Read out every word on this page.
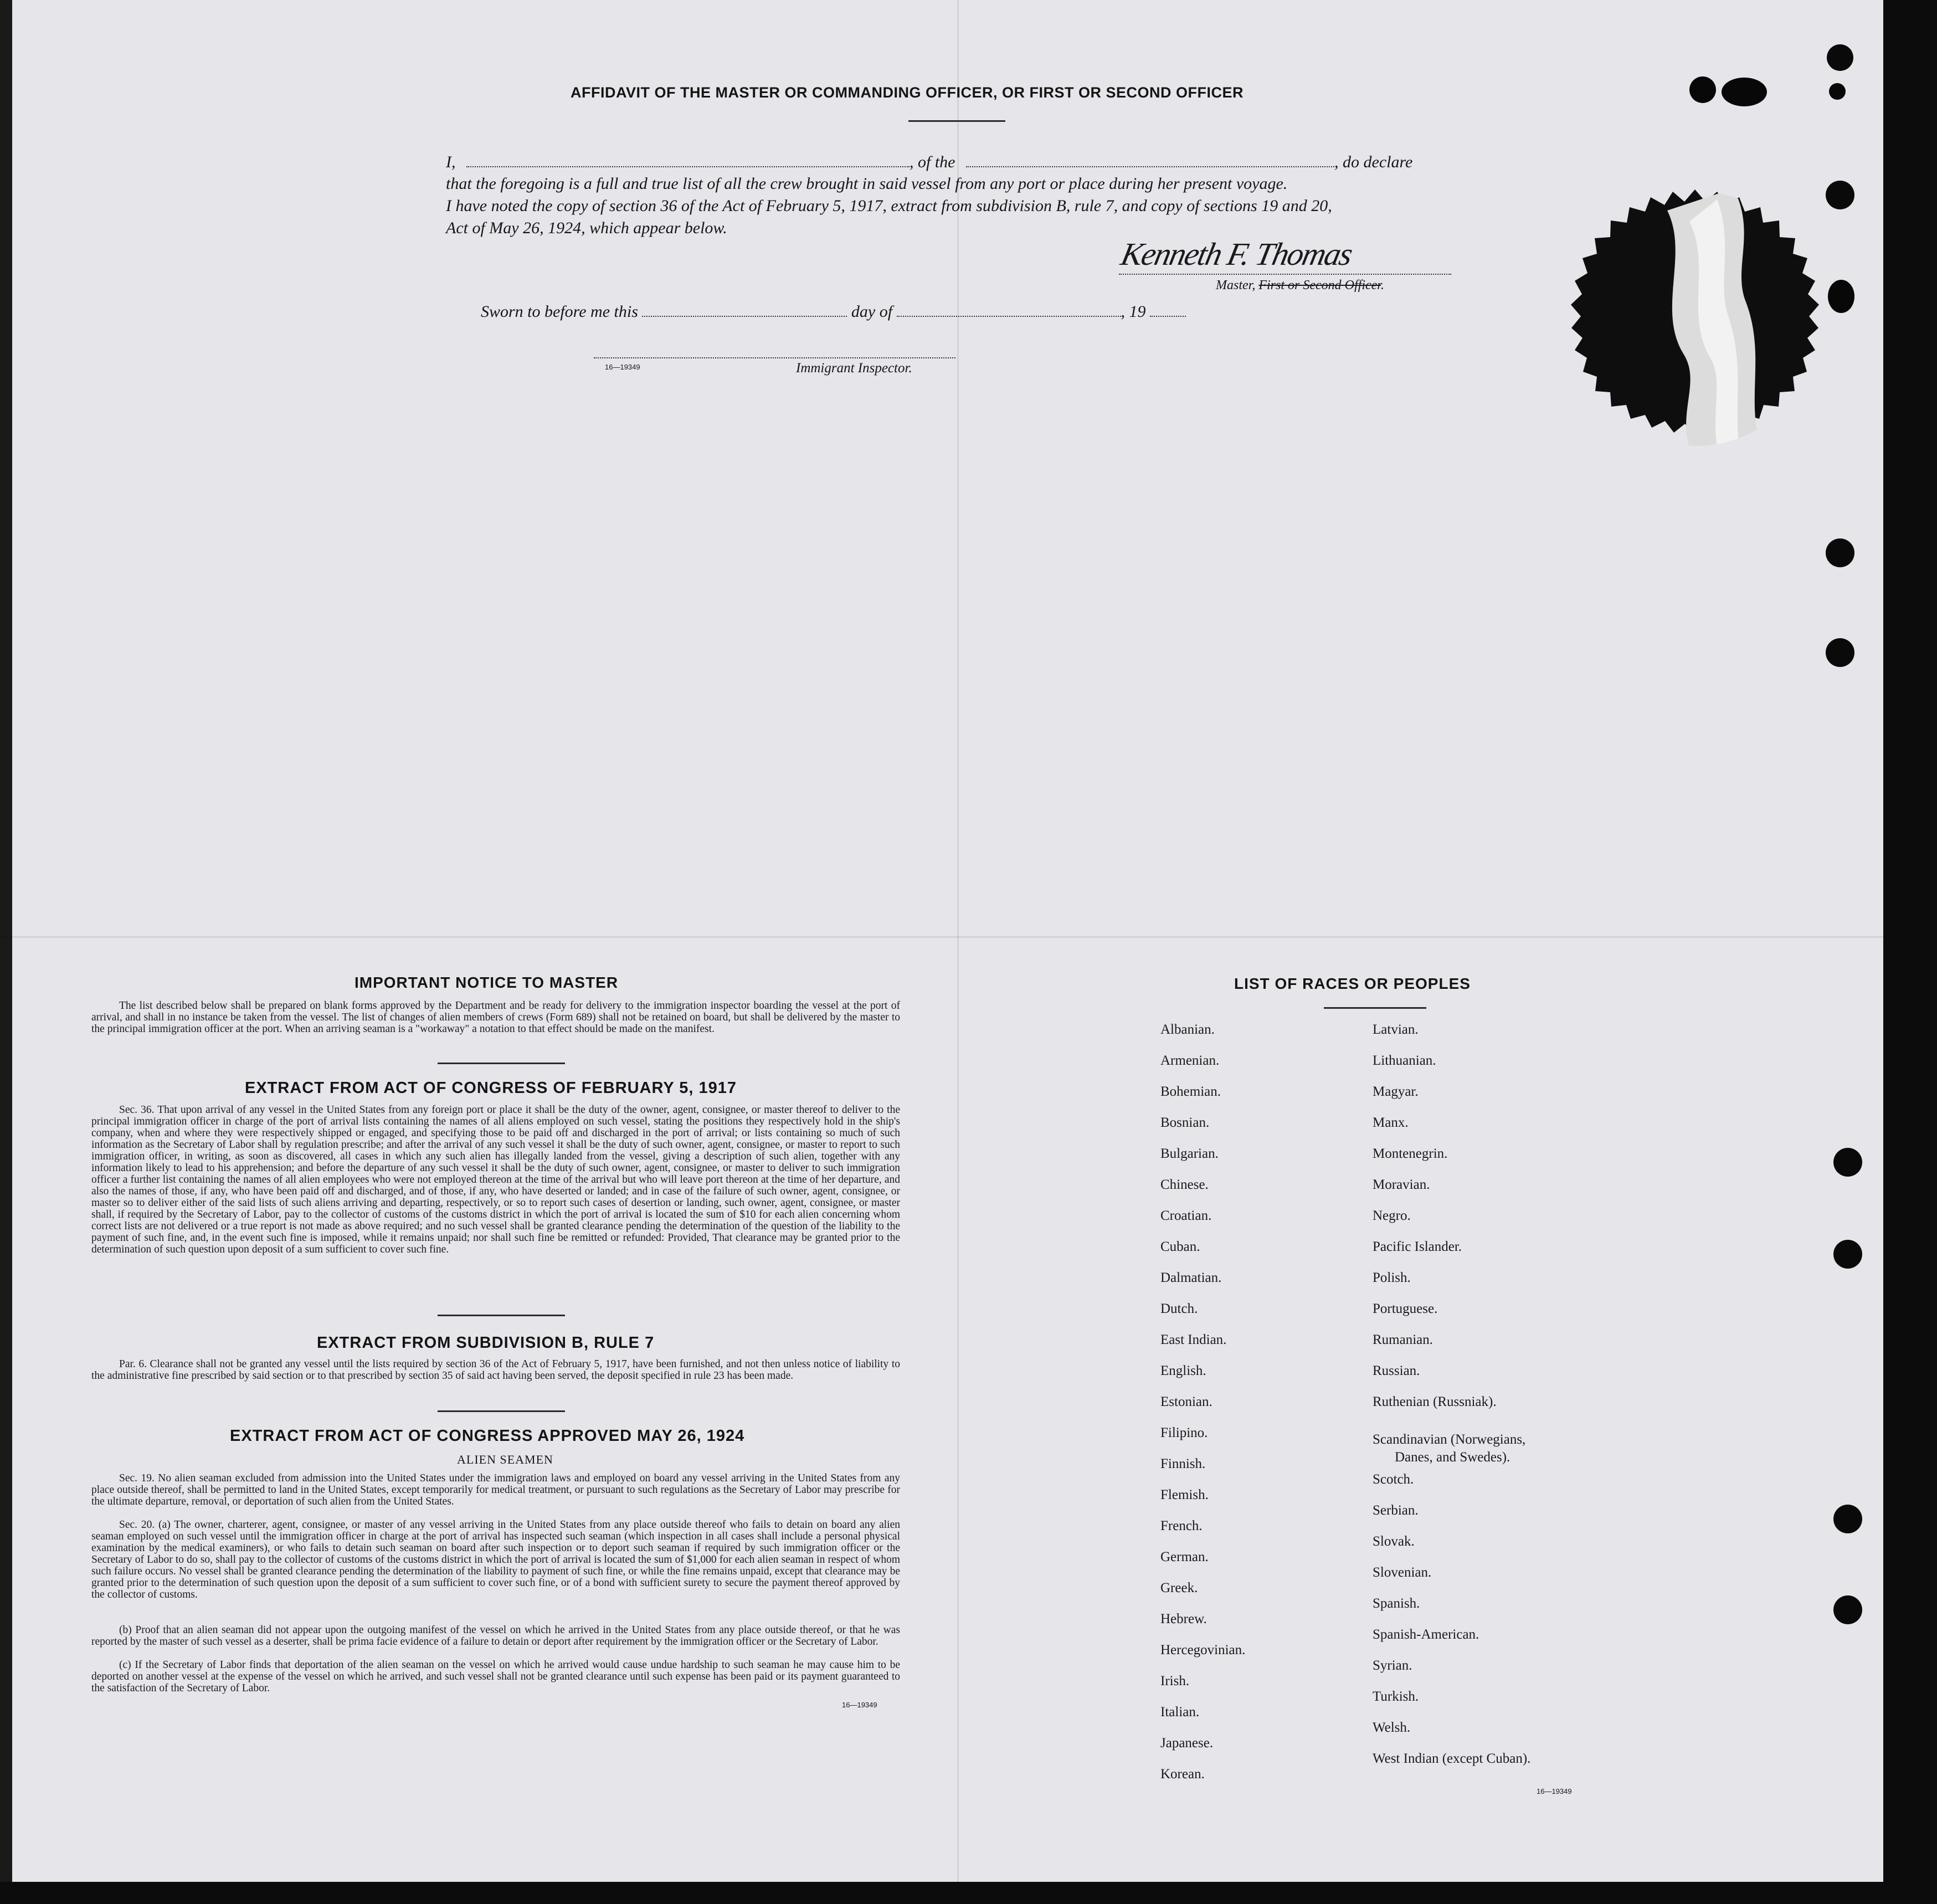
AFFIDAVIT OF THE MASTER OR COMMANDING OFFICER, OR FIRST OR SECOND OFFICER
I,	, of the	, do declare
that the foregoing is a full and true list of all the crew brought in said vessel from any port or place during her present voyage.
I have noted the copy of section 36 of the Act of February 5, 1917, extract from subdivision B, rule 7, and copy of sections 19 and 20,
Act of May 26, 1924, which appear below.
Kenneth F. Thomas
Master, First or Second Officer.
Sworn to before me this	day of	, 19
16—19349	Immigrant Inspector.
IMPORTANT NOTICE TO MASTER

The list described below shall be prepared on blank forms approved by the Department and be ready for delivery to the immigration inspector boarding the vessel at the port of arrival, and shall in no instance be taken from the vessel. The list of changes of alien members of crews (Form 689) shall not be retained on board, but shall be delivered by the master to the principal immigration officer at the port. When an arriving seaman is a "workaway" a notation to that effect should be made on the manifest.

EXTRACT FROM ACT OF CONGRESS OF FEBRUARY 5, 1917

Sec. 36. That upon arrival of any vessel in the United States from any foreign port or place it shall be the duty of the owner, agent, consignee, or master thereof to deliver to the principal immigration officer in charge of the port of arrival lists containing the names of all aliens employed on such vessel, stating the positions they respectively hold in the ship's company, when and where they were respectively shipped or engaged, and specifying those to be paid off and discharged in the port of arrival; or lists containing so much of such information as the Secretary of Labor shall by regulation prescribe; and after the arrival of any such vessel it shall be the duty of such owner, agent, consignee, or master to report to such immigration officer, in writing, as soon as discovered, all cases in which any such alien has illegally landed from the vessel, giving a description of such alien, together with any information likely to lead to his apprehension; and before the departure of any such vessel it shall be the duty of such owner, agent, consignee, or master to deliver to such immigration officer a further list containing the names of all alien employees who were not employed thereon at the time of the arrival but who will leave port thereon at the time of her departure, and also the names of those, if any, who have been paid off and discharged, and of those, if any, who have deserted or landed; and in case of the failure of such owner, agent, consignee, or master so to deliver either of the said lists of such aliens arriving and departing, respectively, or so to report such cases of desertion or landing, such owner, agent, consignee, or master shall, if required by the Secretary of Labor, pay to the collector of customs of the customs district in which the port of arrival is located the sum of $10 for each alien concerning whom correct lists are not delivered or a true report is not made as above required; and no such vessel shall be granted clearance pending the determination of the question of the liability to the payment of such fine, and, in the event such fine is imposed, while it remains unpaid; nor shall such fine be remitted or refunded: Provided, That clearance may be granted prior to the determination of such question upon deposit of a sum sufficient to cover such fine.

EXTRACT FROM SUBDIVISION B, RULE 7

Par. 6. Clearance shall not be granted any vessel until the lists required by section 36 of the Act of February 5, 1917, have been furnished, and not then unless notice of liability to the administrative fine prescribed by said section or to that prescribed by section 35 of said act having been served, the deposit specified in rule 23 has been made.

EXTRACT FROM ACT OF CONGRESS APPROVED MAY 26, 1924
ALIEN SEAMEN

Sec. 19. No alien seaman excluded from admission into the United States under the immigration laws and employed on board any vessel arriving in the United States from any place outside thereof, shall be permitted to land in the United States, except temporarily for medical treatment, or pursuant to such regulations as the Secretary of Labor may prescribe for the ultimate departure, removal, or deportation of such alien from the United States.

Sec. 20. (a) The owner, charterer, agent, consignee, or master of any vessel arriving in the United States from any place outside thereof who fails to detain on board any alien seaman employed on such vessel until the immigration officer in charge at the port of arrival has inspected such seaman (which inspection in all cases shall include a personal physical examination by the medical examiners), or who fails to detain such seaman on board after such inspection or to deport such seaman if required by such immigration officer or the Secretary of Labor to do so, shall pay to the collector of customs of the customs district in which the port of arrival is located the sum of $1,000 for each alien seaman in respect of whom such failure occurs. No vessel shall be granted clearance pending the determination of the liability to payment of such fine, or while the fine remains unpaid, except that clearance may be granted prior to the determination of such question upon the deposit of a sum sufficient to cover such fine, or of a bond with sufficient surety to secure the payment thereof approved by the collector of customs.

(b) Proof that an alien seaman did not appear upon the outgoing manifest of the vessel on which he arrived in the United States from any place outside thereof, or that he was reported by the master of such vessel as a deserter, shall be prima facie evidence of a failure to detain or deport after requirement by the immigration officer or the Secretary of Labor.

(c) If the Secretary of Labor finds that deportation of the alien seaman on the vessel on which he arrived would cause undue hardship to such seaman he may cause him to be deported on another vessel at the expense of the vessel on which he arrived, and such vessel shall not be granted clearance until such expense has been paid or its payment guaranteed to the satisfaction of the Secretary of Labor.

16—19349
LIST OF RACES OR PEOPLES
Albanian.
Armenian.
Bohemian.
Bosnian.
Bulgarian.
Chinese.
Croatian.
Cuban.
Dalmatian.
Dutch.
East Indian.
English.
Estonian.
Filipino.
Finnish.
Flemish.
French.
German.
Greek.
Hebrew.
Hercegovinian.
Irish.
Italian.
Japanese.
Korean.
Latvian.
Lithuanian.
Magyar.
Manx.
Montenegrin.
Moravian.
Negro.
Pacific Islander.
Polish.
Portuguese.
Rumanian.
Russian.
Ruthenian (Russniak).
Scandinavian (Norwegians,
Danes, and Swedes).
Scotch.
Serbian.
Slovak.
Slovenian.
Spanish.
Spanish-American.
Syrian.
Turkish.
Welsh.
West Indian (except Cuban).
16—19349
